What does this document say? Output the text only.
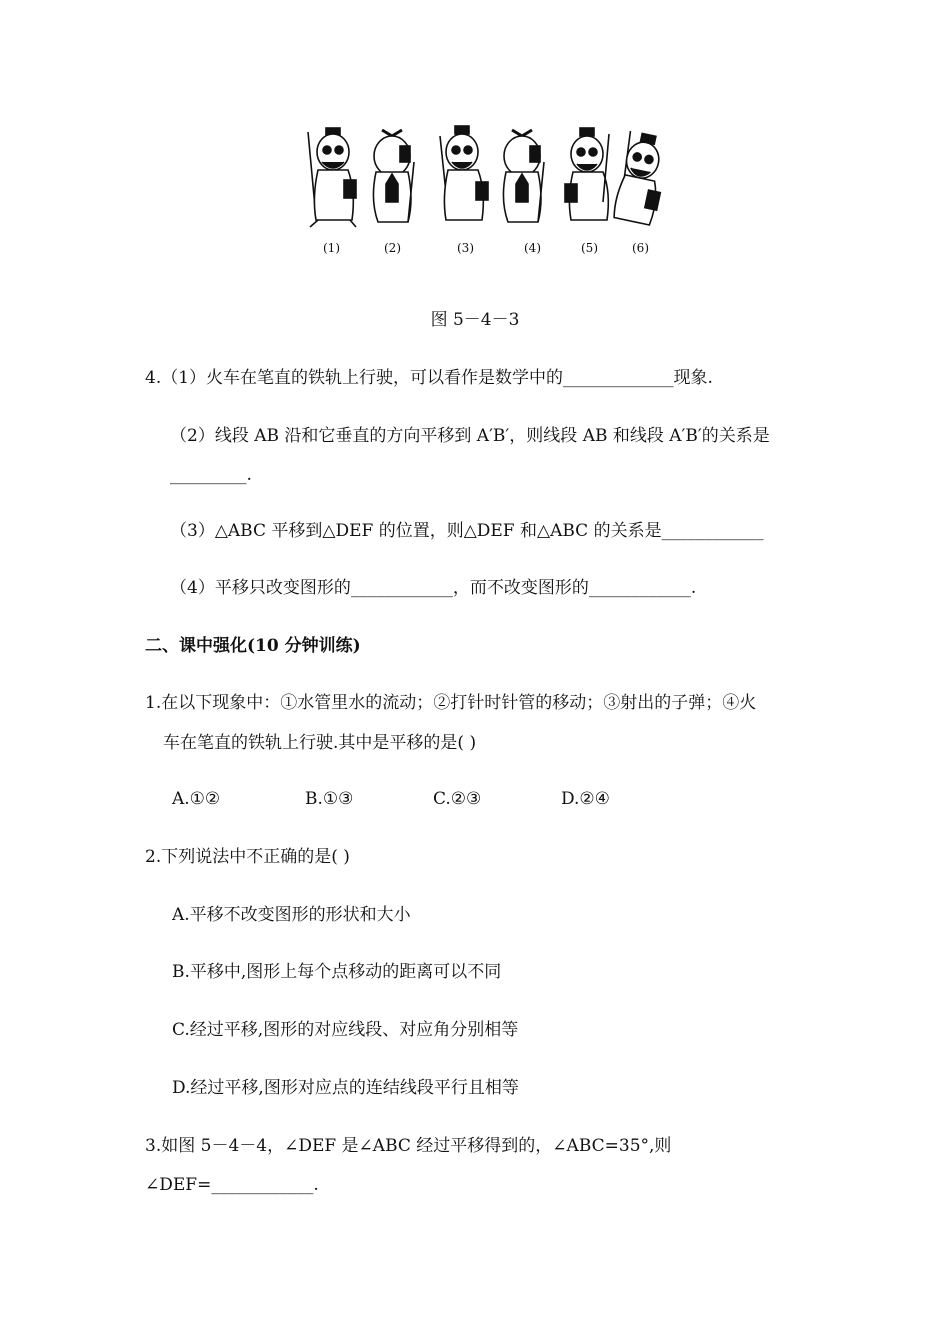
(1)	(2)	(3)	(4)	(5)	(6)
图 5－4－3
4.（1）火车在笔直的铁轨上行驶，可以看作是数学中的_____________现象.
（2）线段 AB 沿和它垂直的方向平移到 A′B′，则线段 AB 和线段 A′B′的关系是
_________.
（3）△ABC 平移到△DEF 的位置，则△DEF 和△ABC 的关系是____________
（4）平移只改变图形的____________，而不改变图形的____________.
二、课中强化(10 分钟训练)
1.在以下现象中：①水管里水的流动；②打针时针管的移动；③射出的子弹；④火
车在笔直的铁轨上行驶.其中是平移的是( )
A.①②	B.①③	C.②③	D.②④
2.下列说法中不正确的是( )
A.平移不改变图形的形状和大小
B.平移中,图形上每个点移动的距离可以不同
C.经过平移,图形的对应线段、对应角分别相等
D.经过平移,图形对应点的连结线段平行且相等
3.如图 5－4－4，∠DEF 是∠ABC 经过平移得到的，∠ABC=35°,则
∠DEF=____________.
